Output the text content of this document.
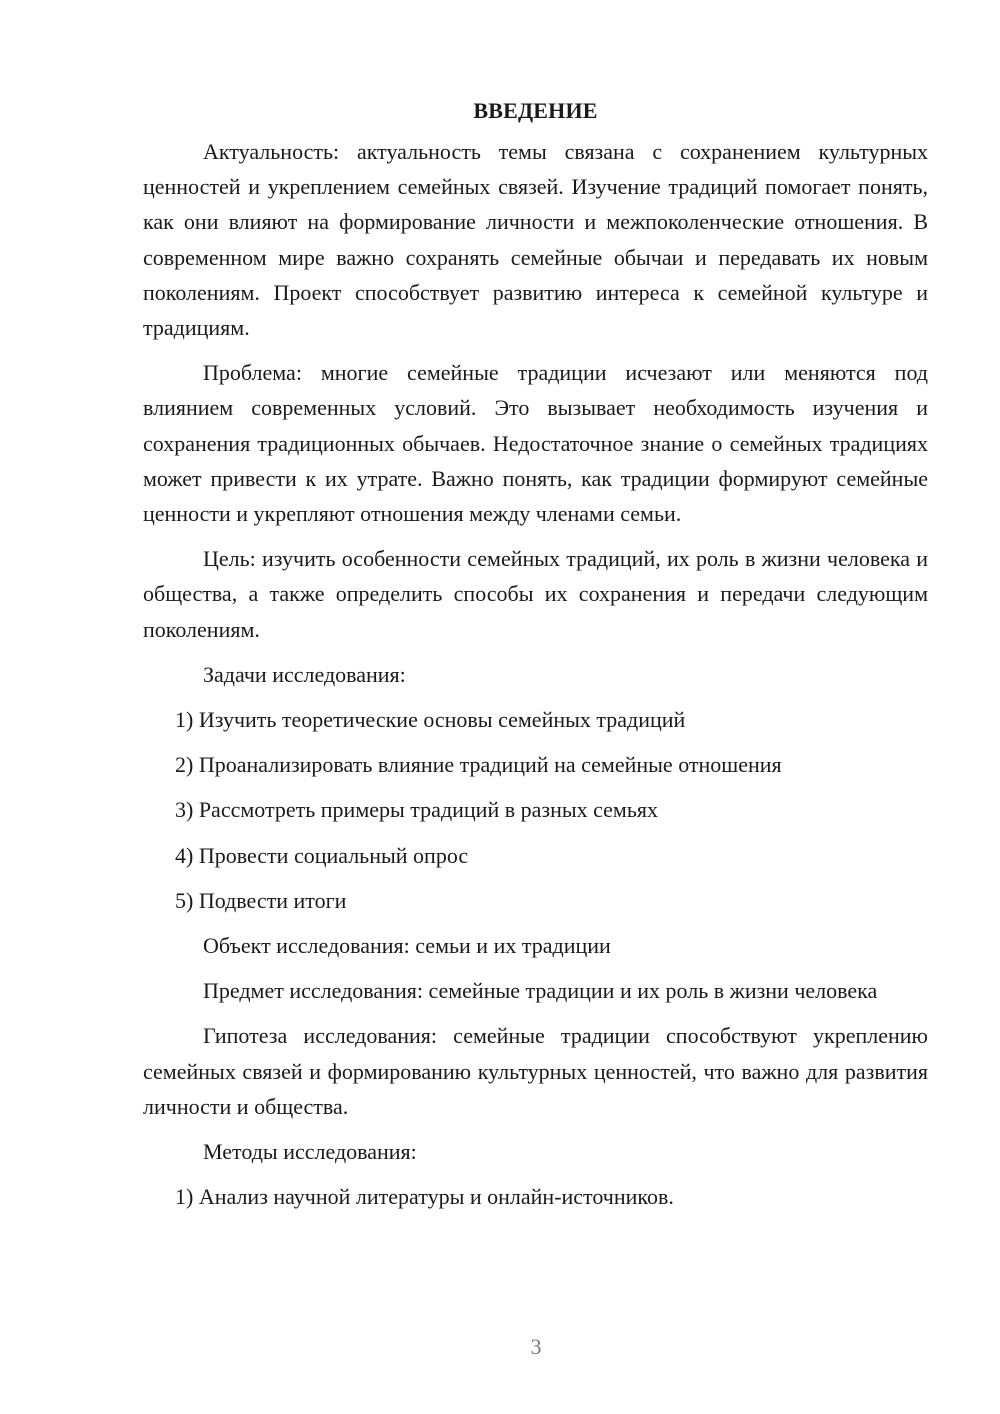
ВВЕДЕНИЕ

Актуальность: актуальность темы связана с сохранением культурных ценностей и укреплением семейных связей. Изучение традиций помогает понять, как они влияют на формирование личности и межпоколенческие отношения. В современном мире важно сохранять семейные обычаи и передавать их новым поколениям. Проект способствует развитию интереса к семейной культуре и традициям.

Проблема: многие семейные традиции исчезают или меняются под влиянием современных условий. Это вызывает необходимость изучения и сохранения традиционных обычаев. Недостаточное знание о семейных традициях может привести к их утрате. Важно понять, как традиции формируют семейные ценности и укрепляют отношения между членами семьи.

Цель: изучить особенности семейных традиций, их роль в жизни человека и общества, а также определить способы их сохранения и передачи следующим поколениям.

Задачи исследования:

1) Изучить теоретические основы семейных традиций

2) Проанализировать влияние традиций на семейные отношения

3) Рассмотреть примеры традиций в разных семьях

4) Провести социальный опрос

5) Подвести итоги

Объект исследования: семьи и их традиции

Предмет исследования: семейные традиции и их роль в жизни человека

Гипотеза исследования: семейные традиции способствуют укреплению семейных связей и формированию культурных ценностей, что важно для развития личности и общества.

Методы исследования:

1) Анализ научной литературы и онлайн-источников.

3
